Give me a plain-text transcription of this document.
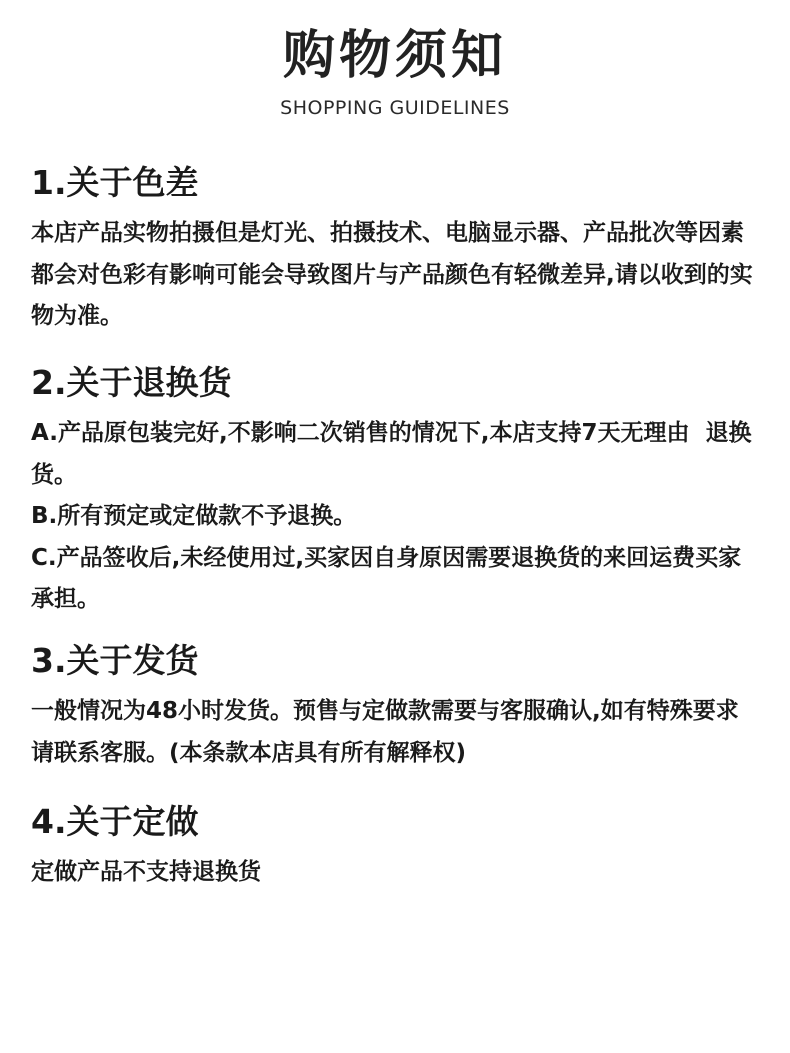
购物须知
SHOPPING GUIDELINES
1.关于色差
本店产品实物拍摄但是灯光、拍摄技术、电脑显示器、产品批次等因素都会对色彩有影响可能会导致图片与产品颜色有轻微差异,请以收到的实物为准。
2.关于退换货
A.产品原包装完好,不影响二次销售的情况下,本店支持7天无理由  退换货。
B.所有预定或定做款不予退换。
C.产品签收后,未经使用过,买家因自身原因需要退换货的来回运费买家承担。
3.关于发货
一般情况为48小时发货。预售与定做款需要与客服确认,如有特殊要求请联系客服。(本条款本店具有所有解释权)
4.关于定做
定做产品不支持退换货
